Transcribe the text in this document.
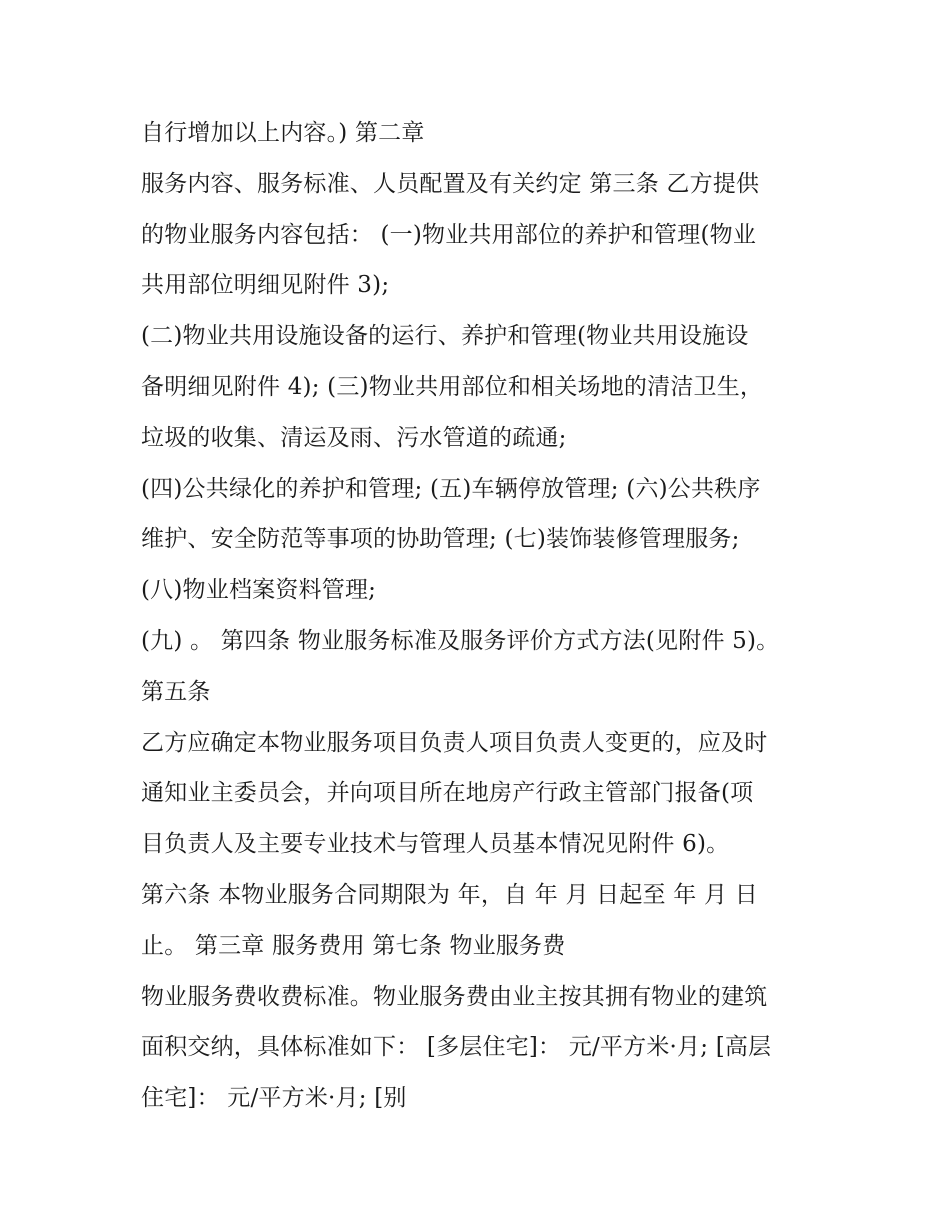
自行增加以上内容。) 第二章
服务内容、服务标准、人员配置及有关约定 第三条 乙方提供
的物业服务内容包括： (一)物业共用部位的养护和管理(物业
共用部位明细见附件 3);
(二)物业共用设施设备的运行、养护和管理(物业共用设施设
备明细见附件 4); (三)物业共用部位和相关场地的清洁卫生，
垃圾的收集、清运及雨、污水管道的疏通;
(四)公共绿化的养护和管理; (五)车辆停放管理; (六)公共秩序
维护、安全防范等事项的协助管理; (七)装饰装修管理服务;
(八)物业档案资料管理;
(九) 。 第四条 物业服务标准及服务评价方式方法(见附件 5)。
第五条
乙方应确定本物业服务项目负责人项目负责人变更的，应及时
通知业主委员会，并向项目所在地房产行政主管部门报备(项
目负责人及主要专业技术与管理人员基本情况见附件 6)。
第六条 本物业服务合同期限为 年，自 年 月 日起至 年 月 日
止。 第三章 服务费用 第七条 物业服务费
物业服务费收费标准。物业服务费由业主按其拥有物业的建筑
面积交纳，具体标准如下： [多层住宅]： 元/平方米·月; [高层
住宅]： 元/平方米·月; [别
